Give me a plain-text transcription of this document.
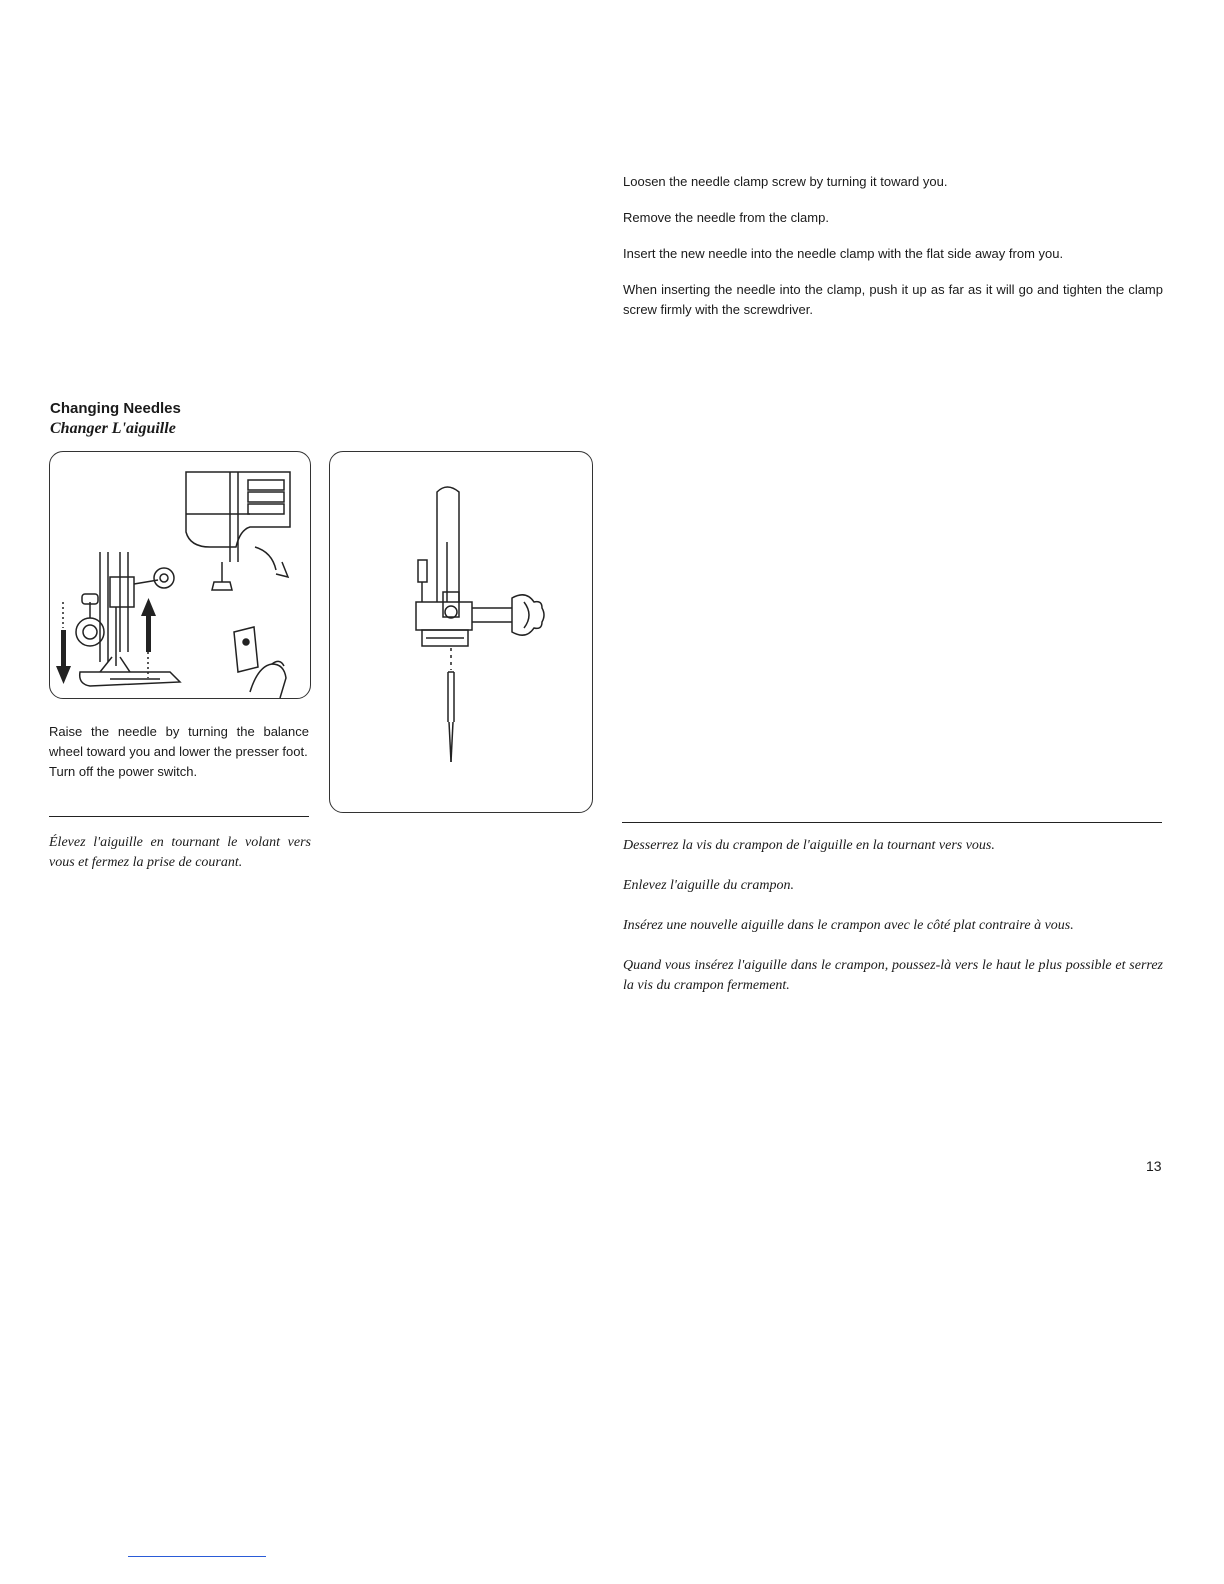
Changing Needles
Changer L'aiguille

Raise the needle by turning the balance wheel toward you and lower the presser foot.

Turn off the power switch.

Élevez l'aiguille en tournant le volant vers vous et fermez la prise de courant.

Loosen the needle clamp screw by turning it toward you.

Remove the needle from the clamp.

Insert the new needle into the needle clamp with the flat side away from you.

When inserting the needle into the clamp, push it up as far as it will go and tighten the clamp screw firmly with the screwdriver.

Desserrez la vis du crampon de l'aiguille en la tournant vers vous.

Enlevez l'aiguille du crampon.

Insérez une nouvelle aiguille dans le crampon avec le côté plat contraire à vous.

Quand vous insérez l'aiguille dans le crampon, poussez-là vers le haut le plus possible et serrez la vis du crampon fermement.

13
